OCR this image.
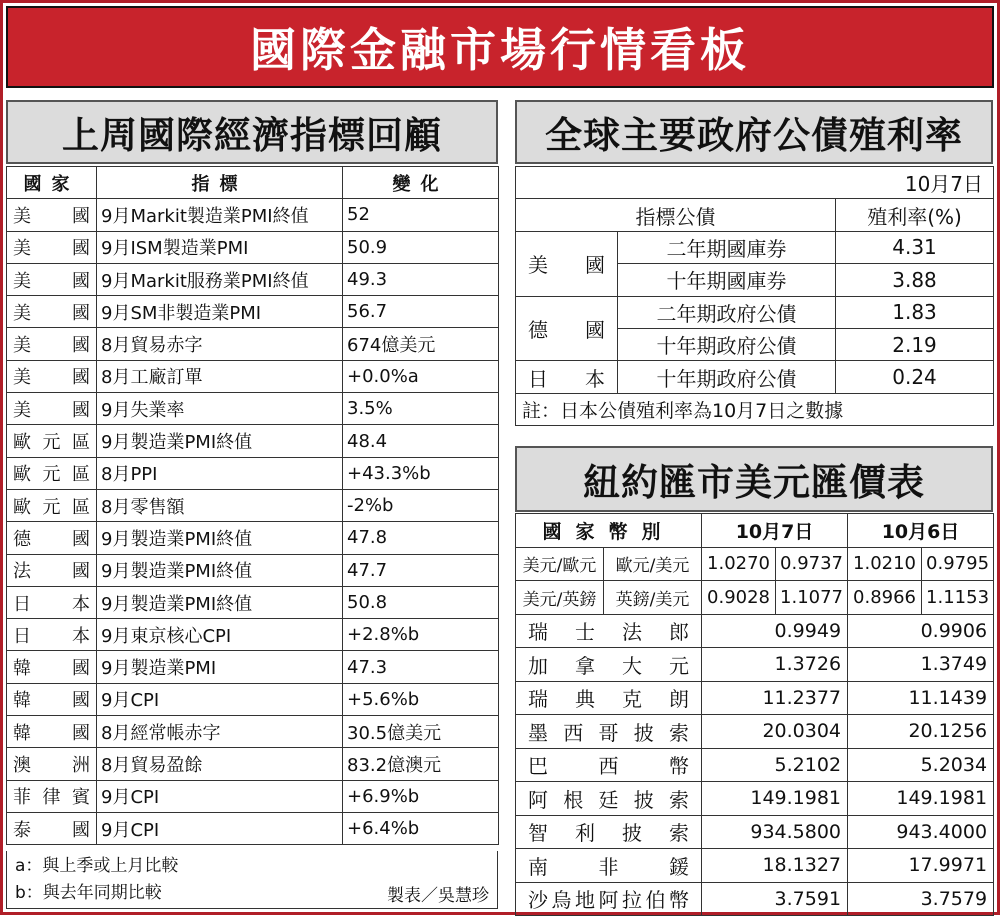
國際金融市場行情看板
上周國際經濟指標回顧
國家	指標	變化
美國	9月Markit製造業PMI終值	52
美國	9月ISM製造業PMI	50.9
美國	9月Markit服務業PMI終值	49.3
美國	9月SM非製造業PMI	56.7
美國	8月貿易赤字	674億美元
美國	8月工廠訂單	+0.0%a
美國	9月失業率	3.5%
歐元區	9月製造業PMI終值	48.4
歐元區	8月PPI	+43.3%b
歐元區	8月零售額	-2%b
德國	9月製造業PMI終值	47.8
法國	9月製造業PMI終值	47.7
日本	9月製造業PMI終值	50.8
日本	9月東京核心CPI	+2.8%b
韓國	9月製造業PMI	47.3
韓國	9月CPI	+5.6%b
韓國	8月經常帳赤字	30.5億美元
澳洲	8月貿易盈餘	83.2億澳元
菲律賓	9月CPI	+6.9%b
泰國	9月CPI	+6.4%b
a：與上季或上月比較
b：與去年同期比較	製表／吳慧珍
全球主要政府公債殖利率
10月7日		
指標公債		殖利率(%)
美國	二年期國庫券	4.31
	十年期國庫券	3.88
德國	二年期政府公債	1.83
	十年期政府公債	2.19
日本	十年期政府公債	0.24
註：日本公債殖利率為10月7日之數據		
紐約匯市美元匯價表
國家幣別		10月7日		10月6日	
美元/歐元	歐元/美元	1.0270	0.9737	1.0210	0.9795
美元/英鎊	英鎊/美元	0.9028	1.1077	0.8966	1.1153
瑞士法郎		0.9949		0.9906	
加拿大元		1.3726		1.3749	
瑞典克朗		11.2377		11.1439	
墨西哥披索		20.0304		20.1256	
巴西幣		5.2102		5.2034	
阿根廷披索		149.1981		149.1981	
智利披索		934.5800		943.4000	
南非鍰		18.1327		17.9971	
沙烏地阿拉伯幣		3.7591		3.7579	
